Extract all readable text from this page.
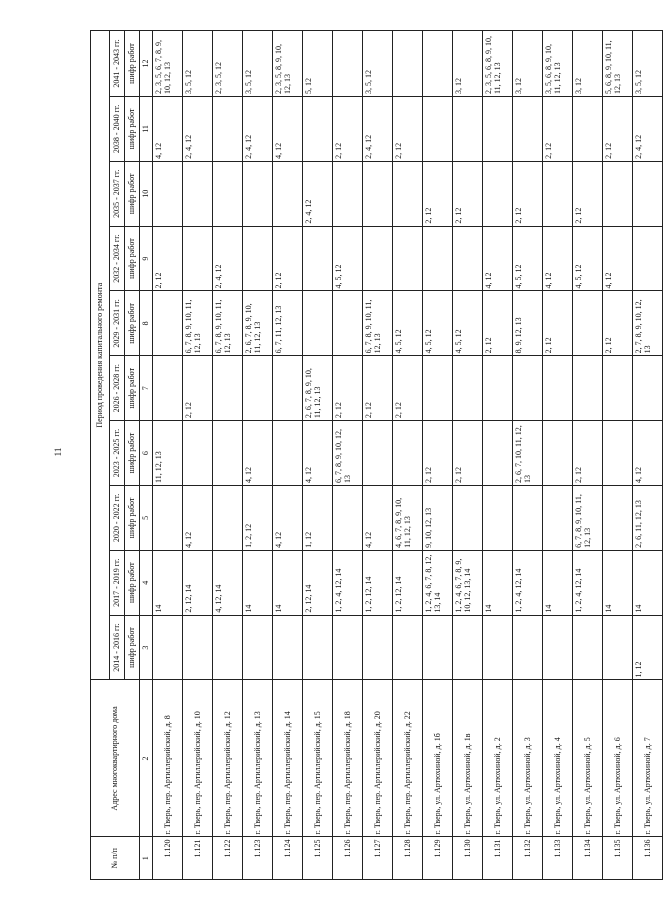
11
№ п/п	Адрес многоквартирного дома	Период проведения капитального ремонта									
		2014 - 2016 гг.	2017 - 2019 гг.	2020 - 2022 гг.	2023 - 2025 гг.	2026 - 2028 гг.	2029 - 2031 гг.	2032 - 2034 гг.	2035 - 2037 гг.	2038 - 2040 гг.	2041 - 2043 гг.
		шифр работ	шифр работ	шифр работ	шифр работ	шифр работ	шифр работ	шифр работ	шифр работ	шифр работ	шифр работ
1	2	3	4	5	6	7	8	9	10	11	12
1.120	г. Тверь, пер. Артиллерийский, д. 8		14		11, 12, 13			2, 12		4, 12	2, 3, 5, 6, 7, 8, 9, 10, 12, 13
1.121	г. Тверь, пер. Артиллерийский, д. 10		2, 12, 14	4, 12		2, 12	6, 7, 8, 9, 10, 11, 12, 13			2, 4, 12	3, 5, 12
1.122	г. Тверь, пер. Артиллерийский, д. 12		4, 12, 14				6, 7, 8, 9, 10, 11, 12, 13	2, 4, 12			2, 3, 5, 12
1.123	г. Тверь, пер. Артиллерийский, д. 13		14	1, 2, 12	4, 12		2, 6, 7, 8, 9, 10, 11, 12, 13			2, 4, 12	3, 5, 12
1.124	г. Тверь, пер. Артиллерийский, д. 14		14	4, 12			6, 7, 11, 12, 13	2, 12		4, 12	2, 3, 5, 8, 9, 10, 12, 13
1.125	г. Тверь, пер. Артиллерийский, д. 15		2, 12, 14	1, 12	4, 12	2, 6, 7, 8, 9, 10, 11, 12, 13			2, 4, 12		5, 12
1.126	г. Тверь, пер. Артиллерийский, д. 18		1, 2, 4, 12, 14		6, 7, 8, 9, 10, 12, 13	2, 12		4, 5, 12		2, 12	
1.127	г. Тверь, пер. Артиллерийский, д. 20		1, 2, 12, 14	4, 12		2, 12	6, 7, 8, 9, 10, 11, 12, 13			2, 4, 12	3, 5, 12
1.128	г. Тверь, пер. Артиллерийский, д. 22		1, 2, 12, 14	4, 6, 7, 8, 9, 10, 11, 12, 13		2, 12	4, 5, 12			2, 12	
1.129	г. Тверь, ул. Артюхиной, д. 1б		1, 2, 4, 6, 7, 8, 12, 13, 14	9, 10, 12, 13	2, 12		4, 5, 12		2, 12		
1.130	г. Тверь, ул. Артюхиной, д. 1в		1, 2, 4, 6, 7, 8, 9, 10, 12, 13, 14		2, 12		4, 5, 12		2, 12		3, 12
1.131	г. Тверь, ул. Артюхиной, д. 2		14				2, 12	4, 12			2, 3, 5, 6, 8, 9, 10, 11, 12, 13
1.132	г. Тверь, ул. Артюхиной, д. 3		1, 2, 4, 12, 14		2, 6, 7, 10, 11, 12, 13		8, 9, 12, 13	4, 5, 12	2, 12		3, 12
1.133	г. Тверь, ул. Артюхиной, д. 4		14				2, 12	4, 12		2, 12	3, 5, 6, 8, 9, 10, 11, 12, 13
1.134	г. Тверь, ул. Артюхиной, д. 5		1, 2, 4, 12, 14	6, 7, 8, 9, 10, 11, 12, 13	2, 12			4, 5, 12	2, 12		3, 12
1.135	г. Тверь, ул. Артюхиной, д. 6		14				2, 12	4, 12		2, 12	5, 6, 8, 9, 10, 11, 12, 13
1.136	г. Тверь, ул. Артюхиной, д. 7	1, 12	14	2, 6, 11, 12, 13	4, 12		2, 7, 8, 9, 10, 12, 13			2, 4, 12	3, 5, 12
